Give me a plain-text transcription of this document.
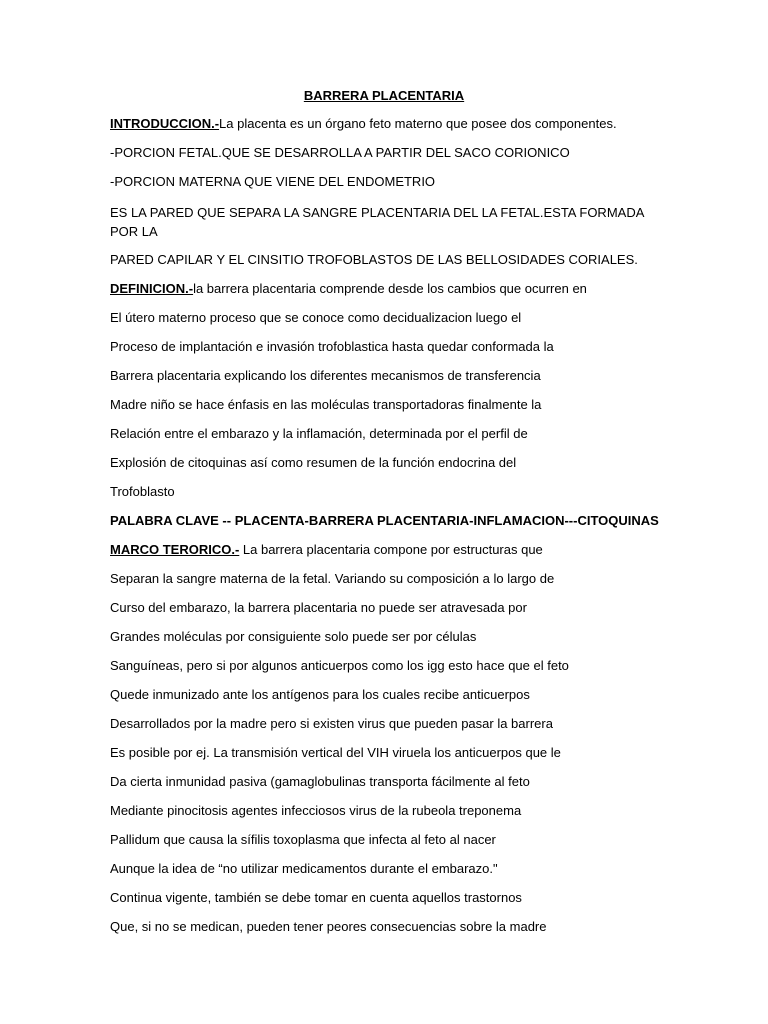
BARRERA PLACENTARIA
INTRODUCCION.-La placenta es un órgano feto materno que posee dos componentes.
-PORCION FETAL.QUE SE DESARROLLA A PARTIR DEL SACO CORIONICO
-PORCION MATERNA QUE VIENE DEL ENDOMETRIO
ES LA PARED QUE SEPARA LA SANGRE PLACENTARIA DEL LA FETAL.ESTA FORMADA POR LA
PARED CAPILAR Y EL CINSITIO TROFOBLASTOS DE LAS BELLOSIDADES CORIALES.
DEFINICION.-la barrera placentaria comprende desde los cambios que ocurren en
El útero materno proceso que se conoce como decidualizacion luego el
Proceso de implantación e invasión trofoblastica hasta quedar conformada la
Barrera placentaria explicando los diferentes mecanismos de transferencia
Madre niño se hace énfasis en las moléculas transportadoras finalmente la
Relación entre el embarazo y la inflamación, determinada por el perfil de
Explosión de citoquinas así como resumen de la función endocrina del
Trofoblasto
PALABRA CLAVE -- PLACENTA-BARRERA PLACENTARIA-INFLAMACION---CITOQUINAS
MARCO TERORICO.- La barrera placentaria compone por estructuras que
Separan la sangre materna de la fetal. Variando su composición a lo largo de
Curso del embarazo, la barrera placentaria no puede ser atravesada por
Grandes moléculas por consiguiente solo puede ser por células
Sanguíneas, pero si por algunos anticuerpos como los igg esto hace que el feto
Quede inmunizado ante los antígenos para los cuales recibe anticuerpos
Desarrollados por la madre pero si existen virus que pueden pasar la barrera
Es posible por ej. La transmisión vertical del VIH viruela los anticuerpos que le
Da cierta inmunidad pasiva (gamaglobulinas transporta fácilmente al feto
Mediante pinocitosis agentes infecciosos virus de la rubeola treponema
Pallidum que causa la sífilis toxoplasma que infecta al feto al nacer
Aunque la idea de “no utilizar medicamentos durante el embarazo."
Continua vigente, también se debe tomar en cuenta aquellos trastornos
Que, si no se medican, pueden tener peores consecuencias sobre la madre
